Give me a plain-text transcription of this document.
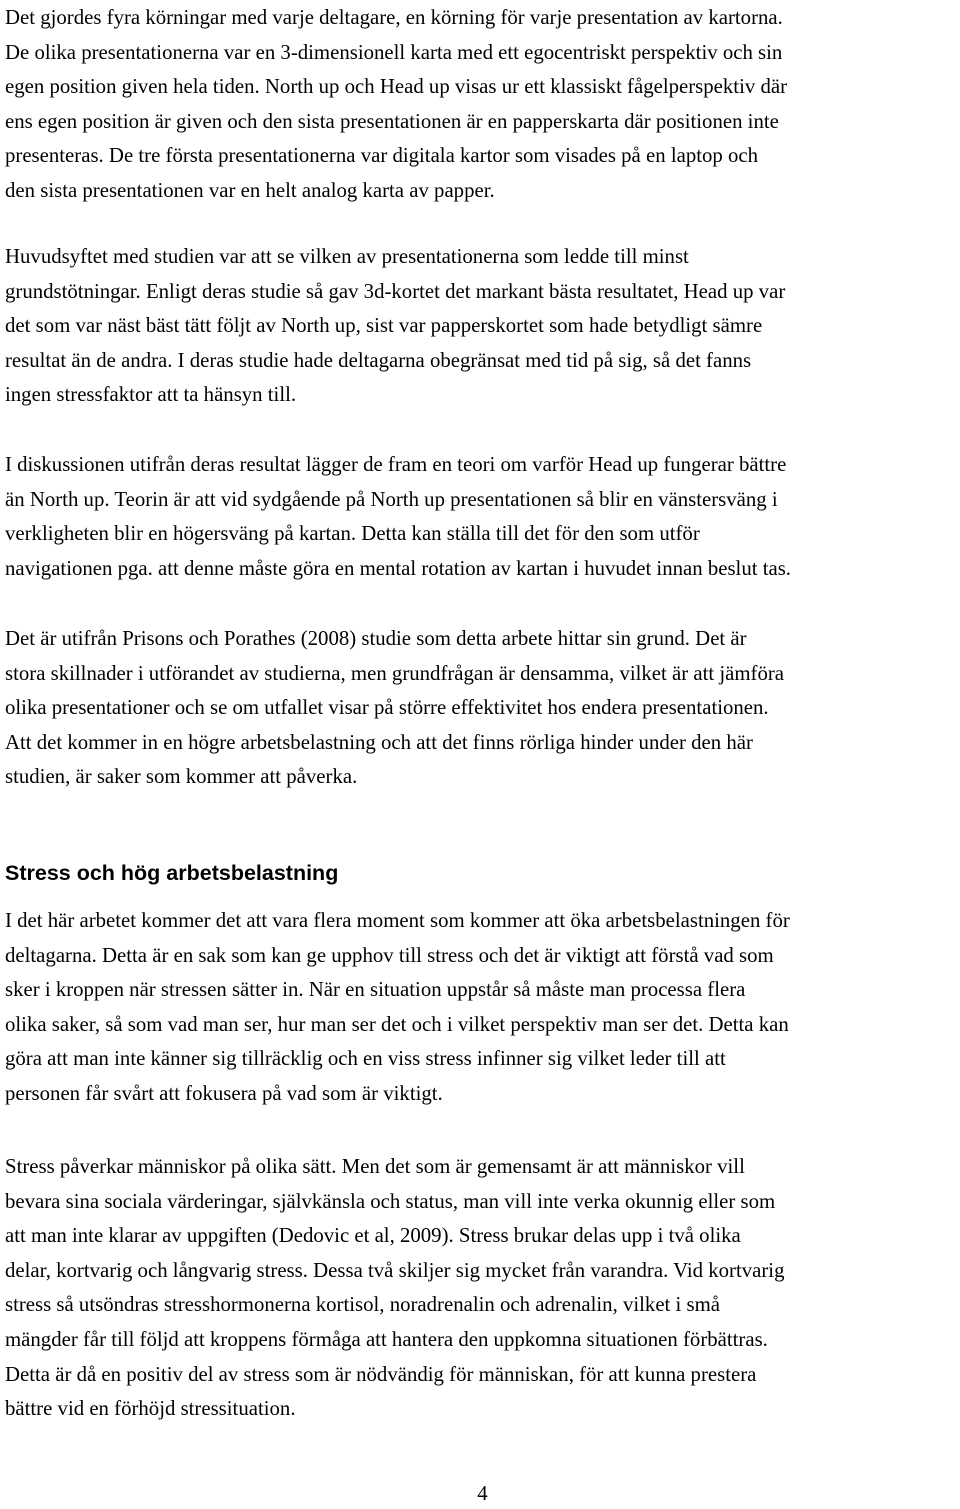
Det gjordes fyra körningar med varje deltagare, en körning för varje presentation av kartorna.
De olika presentationerna var en 3-dimensionell karta med ett egocentriskt perspektiv och sin
egen position given hela tiden. North up och Head up visas ur ett klassiskt fågelperspektiv där
ens egen position är given och den sista presentationen är en papperskarta där positionen inte
presenteras. De tre första presentationerna var digitala kartor som visades på en laptop och
den sista presentationen var en helt analog karta av papper.
Huvudsyftet med studien var att se vilken av presentationerna som ledde till minst
grundstötningar. Enligt deras studie så gav 3d-kortet det markant bästa resultatet, Head up var
det som var näst bäst tätt följt av North up, sist var papperskortet som hade betydligt sämre
resultat än de andra. I deras studie hade deltagarna obegränsat med tid på sig, så det fanns
ingen stressfaktor att ta hänsyn till.
I diskussionen utifrån deras resultat lägger de fram en teori om varför Head up fungerar bättre
än North up. Teorin är att vid sydgående på North up presentationen så blir en vänstersväng i
verkligheten blir en högersväng på kartan. Detta kan ställa till det för den som utför
navigationen pga. att denne måste göra en mental rotation av kartan i huvudet innan beslut tas.
Det är utifrån Prisons och Porathes (2008) studie som detta arbete hittar sin grund. Det är
stora skillnader i utförandet av studierna, men grundfrågan är densamma, vilket är att jämföra
olika presentationer och se om utfallet visar på större effektivitet hos endera presentationen.
Att det kommer in en högre arbetsbelastning och att det finns rörliga hinder under den här
studien, är saker som kommer att påverka.
Stress och hög arbetsbelastning
I det här arbetet kommer det att vara flera moment som kommer att öka arbetsbelastningen för
deltagarna. Detta är en sak som kan ge upphov till stress och det är viktigt att förstå vad som
sker i kroppen när stressen sätter in. När en situation uppstår så måste man processa flera
olika saker, så som vad man ser, hur man ser det och i vilket perspektiv man ser det. Detta kan
göra att man inte känner sig tillräcklig och en viss stress infinner sig vilket leder till att
personen får svårt att fokusera på vad som är viktigt.
Stress påverkar människor på olika sätt. Men det som är gemensamt är att människor vill
bevara sina sociala värderingar, självkänsla och status, man vill inte verka okunnig eller som
att man inte klarar av uppgiften (Dedovic et al, 2009). Stress brukar delas upp i två olika
delar, kortvarig och långvarig stress. Dessa två skiljer sig mycket från varandra. Vid kortvarig
stress så utsöndras stresshormonerna kortisol, noradrenalin och adrenalin, vilket i små
mängder får till följd att kroppens förmåga att hantera den uppkomna situationen förbättras.
Detta är då en positiv del av stress som är nödvändig för människan, för att kunna prestera
bättre vid en förhöjd stressituation.
4
